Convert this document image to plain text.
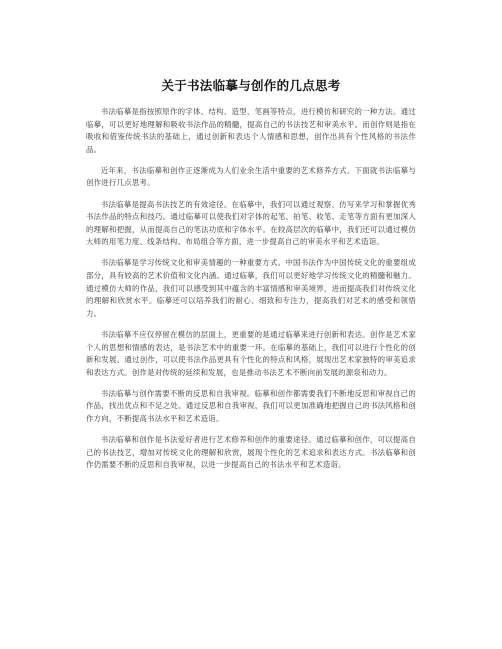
关于书法临摹与创作的几点思考

书法临摹是指按照原作的字体、结构、造型、笔画等特点，进行模仿和研究的一种方法。通过临摹，可以更好地理解和吸收书法作品的精髓，提高自己的书法技艺和审美水平。而创作则是指在吸收和借鉴传统书法的基础上，通过创新和表达个人情感和思想，创作出具有个性风格的书法作品。

近年来，书法临摹和创作正逐渐成为人们业余生活中重要的艺术修养方式。下面就书法临摹与创作进行几点思考。

书法临摹是提高书法技艺的有效途径。在临摹中，我们可以通过观察、仿写来学习和掌握优秀书法作品的特点和技巧。通过临摹可以使我们对字体的起笔、拍笔、收笔、走笔等方面有更加深入的理解和把握，从而提高自己的笔法功底和字体水平。在较高层次的临摹中，我们还可以通过模仿大师的用笔力度、线条结构、布局组合等方面，进一步提高自己的审美水平和艺术造诣。

书法临摹是学习传统文化和审美情趣的一种重要方式。中国书法作为中国传统文化的重要组成部分，具有较高的艺术价值和文化内涵。通过临摹，我们可以更好地学习传统文化的精髓和魅力。通过模仿大师的作品，我们可以感受到其中蕴含的丰富情感和审美境界，进而提高我们对传统文化的理解和欣赏水平。临摹还可以培养我们的耐心、细致和专注力，提高我们对艺术的感受和领悟力。

书法临摹不应仅停留在模仿的层面上，更重要的是通过临摹来进行创新和表达。创作是艺术家个人的思想和情感的表达，是书法艺术中的重要一环。在临摹的基础上，我们可以进行个性化的创新和发展。通过创作，可以使书法作品更具有个性化的特点和风格，展现出艺术家独特的审美追求和表达方式。创作是对传统的延续和发展，也是推动书法艺术不断向前发展的源泉和动力。

书法临摹与创作需要不断的反思和自我审视。临摹和创作都需要我们不断地反思和审视自己的作品，找出优点和不足之处。通过反思和自我审视，我们可以更加准确地把握自己的书法风格和创作方向，不断提高书法水平和艺术造诣。

书法临摹和创作是书法爱好者进行艺术修养和创作的重要途径。通过临摹和创作，可以提高自己的书法技艺，增加对传统文化的理解和欣赏，展现个性化的艺术追求和表达方式。书法临摹和创作仍需要不断的反思和自我审视，以进一步提高自己的书法水平和艺术造诣。
